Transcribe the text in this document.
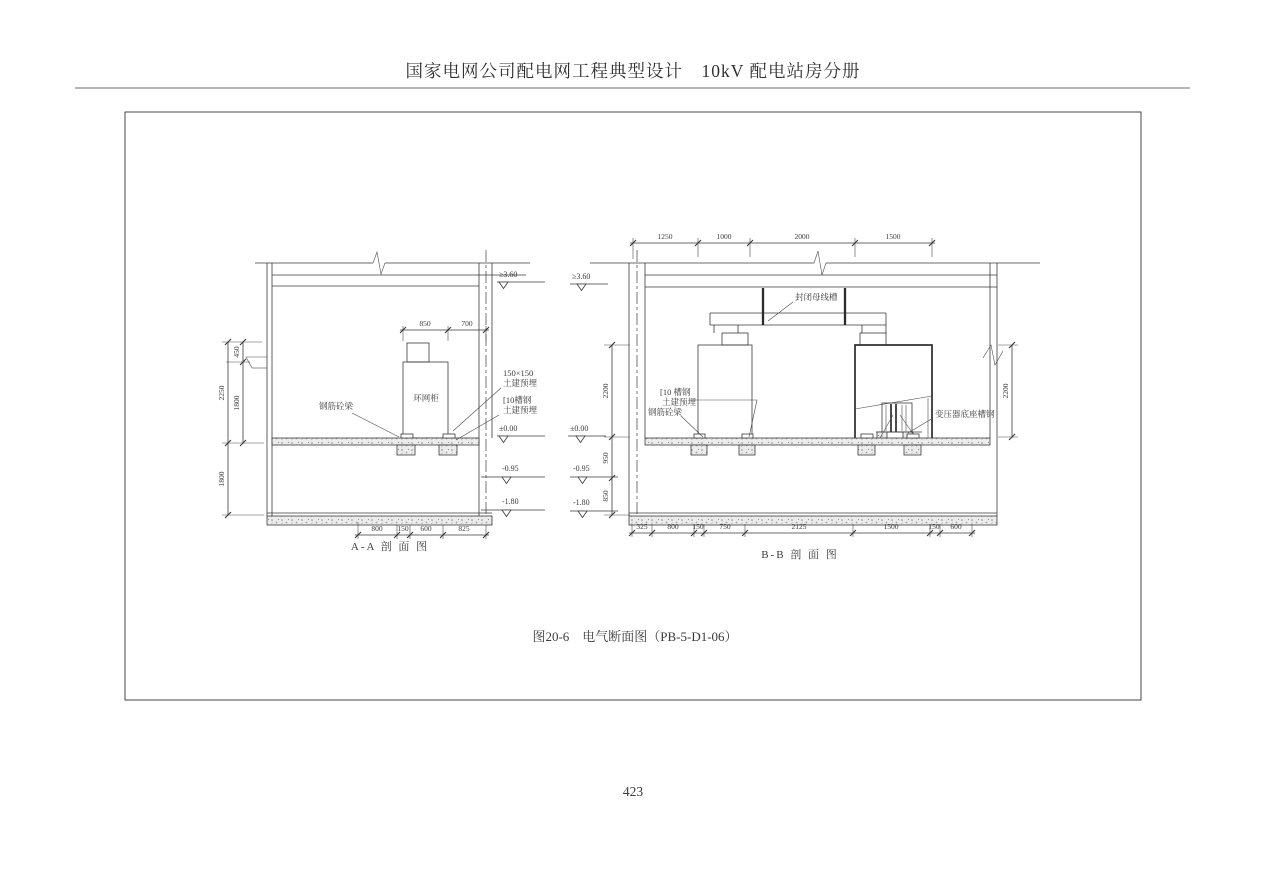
国家电网公司配电网工程典型设计　10kV 配电站房分册
环网柜
850	700
450
1800
2250
1800
800 150 600	825
钢筋砼梁
150×150
土建预埋
[10槽钢
土建预埋
≥3.60
±0.00
-0.95
-1.80
A-A 剖 面 图
封闭母线槽
1250	1000	2000	1500
2200
950
850
2200
325	800 150 750	2125	1500	150 600
[10 槽钢
土建预埋
钢筋砼梁	变压器底座槽钢
≥3.60
±0.00
-0.95
-1.80
B-B 剖 面 图
图20-6　电气断面图（PB-5-D1-06）
423
